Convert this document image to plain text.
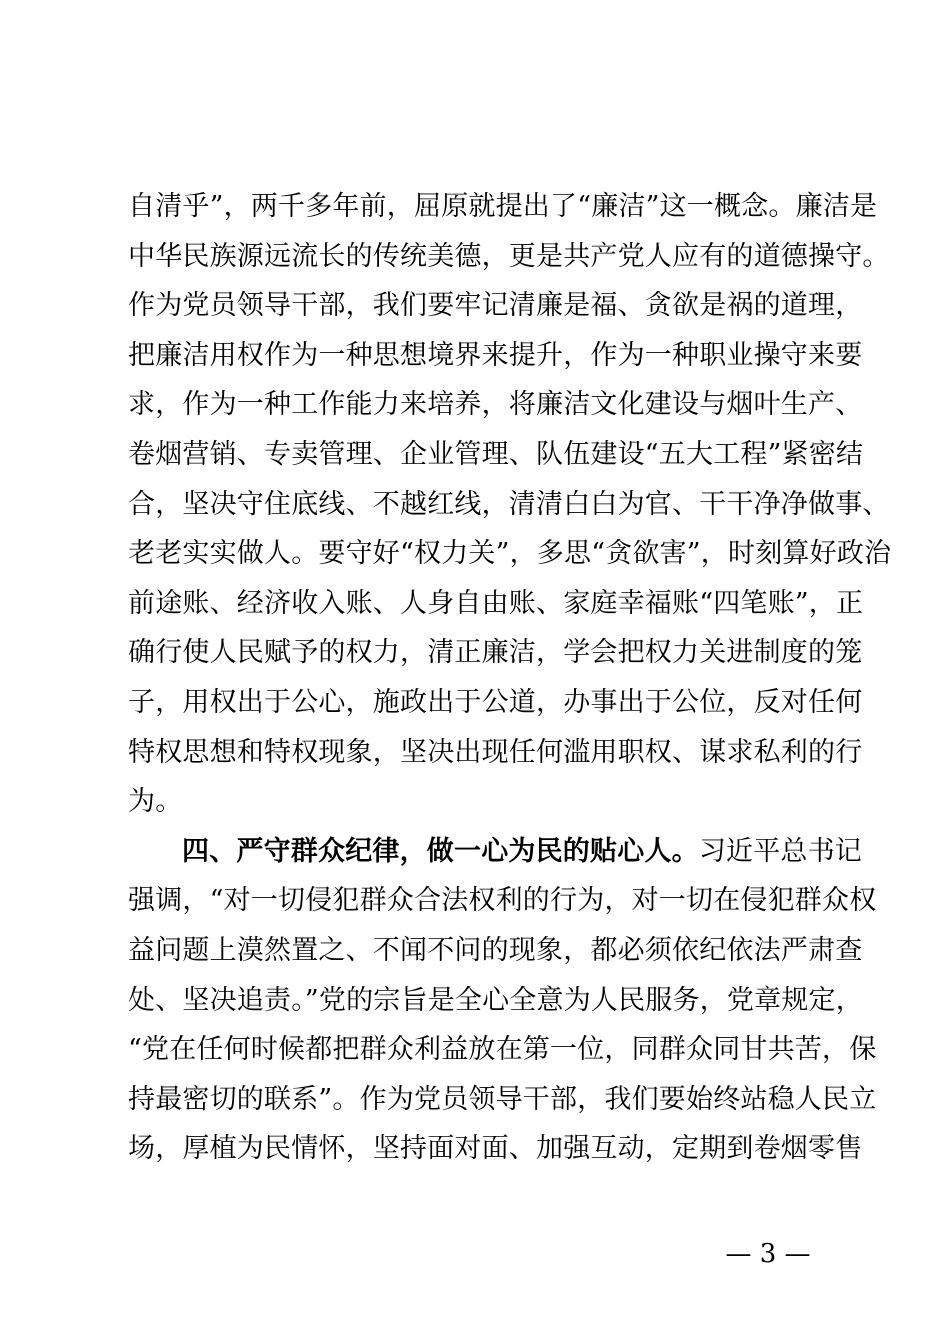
自清乎”，两千多年前，屈原就提出了“廉洁”这一概念。廉洁是
中华民族源远流长的传统美德，更是共产党人应有的道德操守。
作为党员领导干部，我们要牢记清廉是福、贪欲是祸的道理，
把廉洁用权作为一种思想境界来提升，作为一种职业操守来要
求，作为一种工作能力来培养，将廉洁文化建设与烟叶生产、
卷烟营销、专卖管理、企业管理、队伍建设“五大工程”紧密结
合，坚决守住底线、不越红线，清清白白为官、干干净净做事、
老老实实做人。要守好“权力关”，多思“贪欲害”，时刻算好政治
前途账、经济收入账、人身自由账、家庭幸福账“四笔账”，正
确行使人民赋予的权力，清正廉洁，学会把权力关进制度的笼
子，用权出于公心，施政出于公道，办事出于公位，反对任何
特权思想和特权现象，坚决出现任何滥用职权、谋求私利的行
为。
四、严守群众纪律，做一心为民的贴心人。习近平总书记
强调，“对一切侵犯群众合法权利的行为，对一切在侵犯群众权
益问题上漠然置之、不闻不问的现象，都必须依纪依法严肃查
处、坚决追责。”党的宗旨是全心全意为人民服务，党章规定，
“党在任何时候都把群众利益放在第一位，同群众同甘共苦，保
持最密切的联系”。作为党员领导干部，我们要始终站稳人民立
场，厚植为民情怀，坚持面对面、加强互动，定期到卷烟零售
— 3 —
